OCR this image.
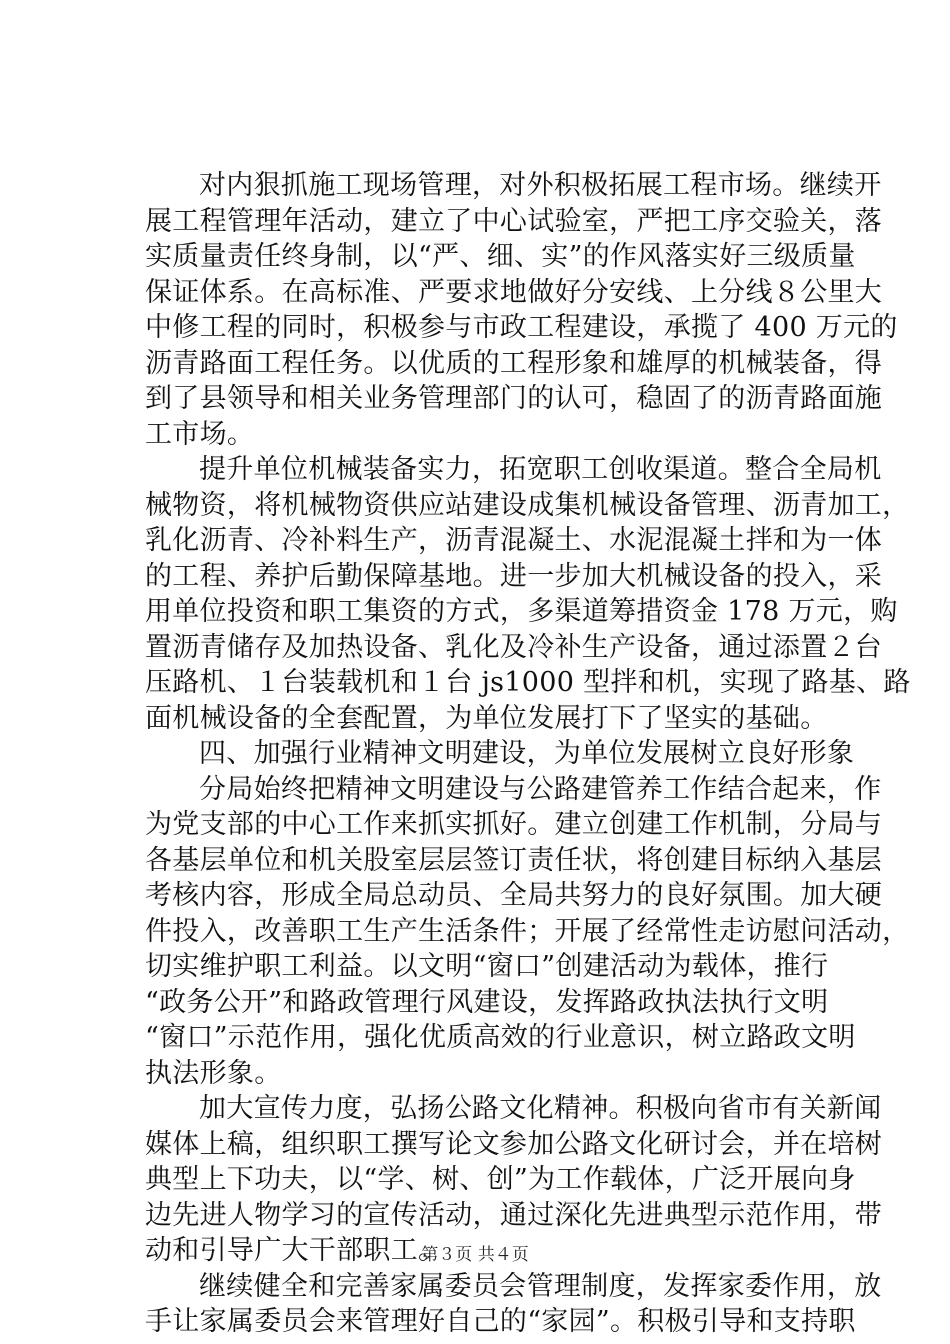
对内狠抓施工现场管理，对外积极拓展工程市场。继续开
展工程管理年活动，建立了中心试验室，严把工序交验关，落
实质量责任终身制，以“严、细、实”的作风落实好三级质量
保证体系。在高标准、严要求地做好分安线、上分线８公里大
中修工程的同时，积极参与市政工程建设，承揽了 400 万元的
沥青路面工程任务。以优质的工程形象和雄厚的机械装备，得
到了县领导和相关业务管理部门的认可，稳固了的沥青路面施
工市场。
提升单位机械装备实力，拓宽职工创收渠道。整合全局机
械物资，将机械物资供应站建设成集机械设备管理、沥青加工，
乳化沥青、冷补料生产，沥青混凝土、水泥混凝土拌和为一体
的工程、养护后勤保障基地。进一步加大机械设备的投入，采
用单位投资和职工集资的方式，多渠道筹措资金 178 万元，购
置沥青储存及加热设备、乳化及冷补生产设备，通过添置２台
压路机、１台装载机和１台 js1000 型拌和机，实现了路基、路
面机械设备的全套配置，为单位发展打下了坚实的基础。
四、加强行业精神文明建设，为单位发展树立良好形象
分局始终把精神文明建设与公路建管养工作结合起来，作
为党支部的中心工作来抓实抓好。建立创建工作机制，分局与
各基层单位和机关股室层层签订责任状，将创建目标纳入基层
考核内容，形成全局总动员、全局共努力的良好氛围。加大硬
件投入，改善职工生产生活条件；开展了经常性走访慰问活动，
切实维护职工利益。以文明“窗口”创建活动为载体，推行
“政务公开”和路政管理行风建设，发挥路政执法执行文明
“窗口”示范作用，强化优质高效的行业意识，树立路政文明
执法形象。
加大宣传力度，弘扬公路文化精神。积极向省市有关新闻
媒体上稿，组织职工撰写论文参加公路文化研讨会，并在培树
典型上下功夫，以“学、树、创”为工作载体，广泛开展向身
边先进人物学习的宣传活动，通过深化先进典型示范作用，带
动和引导广大干部职工。
继续健全和完善家属委员会管理制度，发挥家委作用，放
手让家属委员会来管理好自己的“家园”。积极引导和支持职
第３页 共４页
